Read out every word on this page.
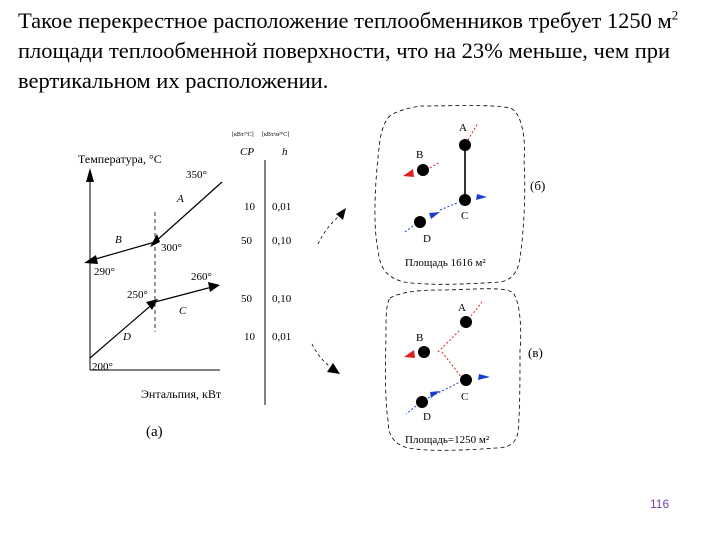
Такое перекрестное расположение теплообменников требует 1250 $м^2$ площади теплообменной поверхности, что на 23% меньше, чем при вертикальном их расположении.

Температура, °С
350°
A
B
300°
290°	260°
C
250°
D
200°
Энтальпия, кВт
(а)
[кВт/°С] [кВт/м²°С]
CP	h
10 0,01
50 0,10
50 0,10
10 0,01
A
B
C
D
(б)
Площадь 1616 м²
A
B
C
D
(в)
Площадь=1250 м²
116
